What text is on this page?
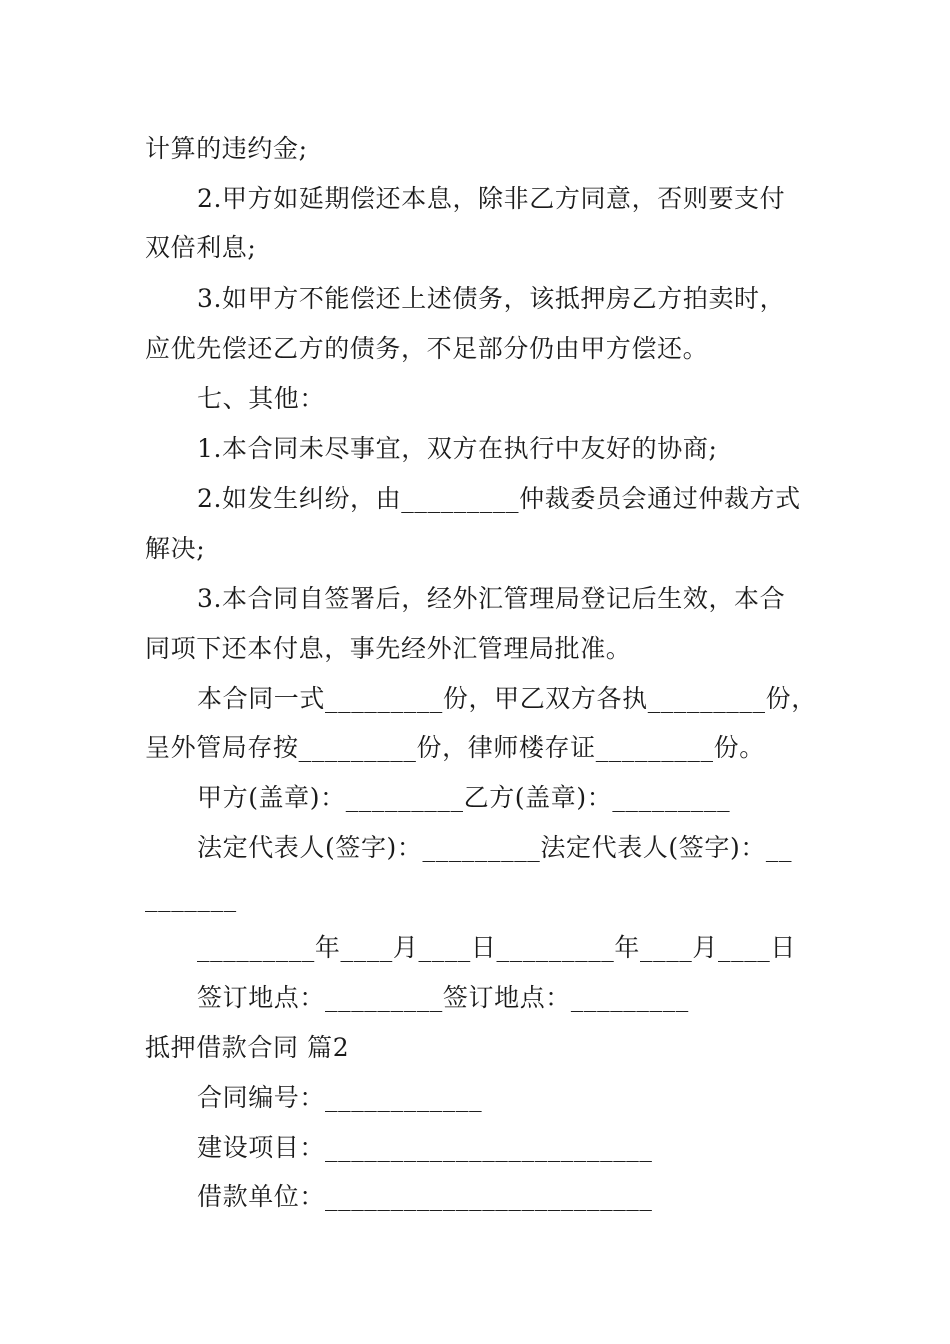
计算的违约金;
2.甲方如延期偿还本息，除非乙方同意，否则要支付
双倍利息;
3.如甲方不能偿还上述债务，该抵押房乙方拍卖时，
应优先偿还乙方的债务，不足部分仍由甲方偿还。
七、其他：
1.本合同未尽事宜，双方在执行中友好的协商;
2.如发生纠纷，由_________仲裁委员会通过仲裁方式
解决;
3.本合同自签署后，经外汇管理局登记后生效，本合
同项下还本付息，事先经外汇管理局批准。
本合同一式_________份，甲乙双方各执_________份，
呈外管局存按_________份，律师楼存证_________份。
甲方(盖章)：_________乙方(盖章)：_________
法定代表人(签字)：_________法定代表人(签字)：__
_______
_________年____月____日_________年____月____日
签订地点：_________签订地点：_________
抵押借款合同 篇2
合同编号：____________
建设项目：_________________________
借款单位：_________________________
